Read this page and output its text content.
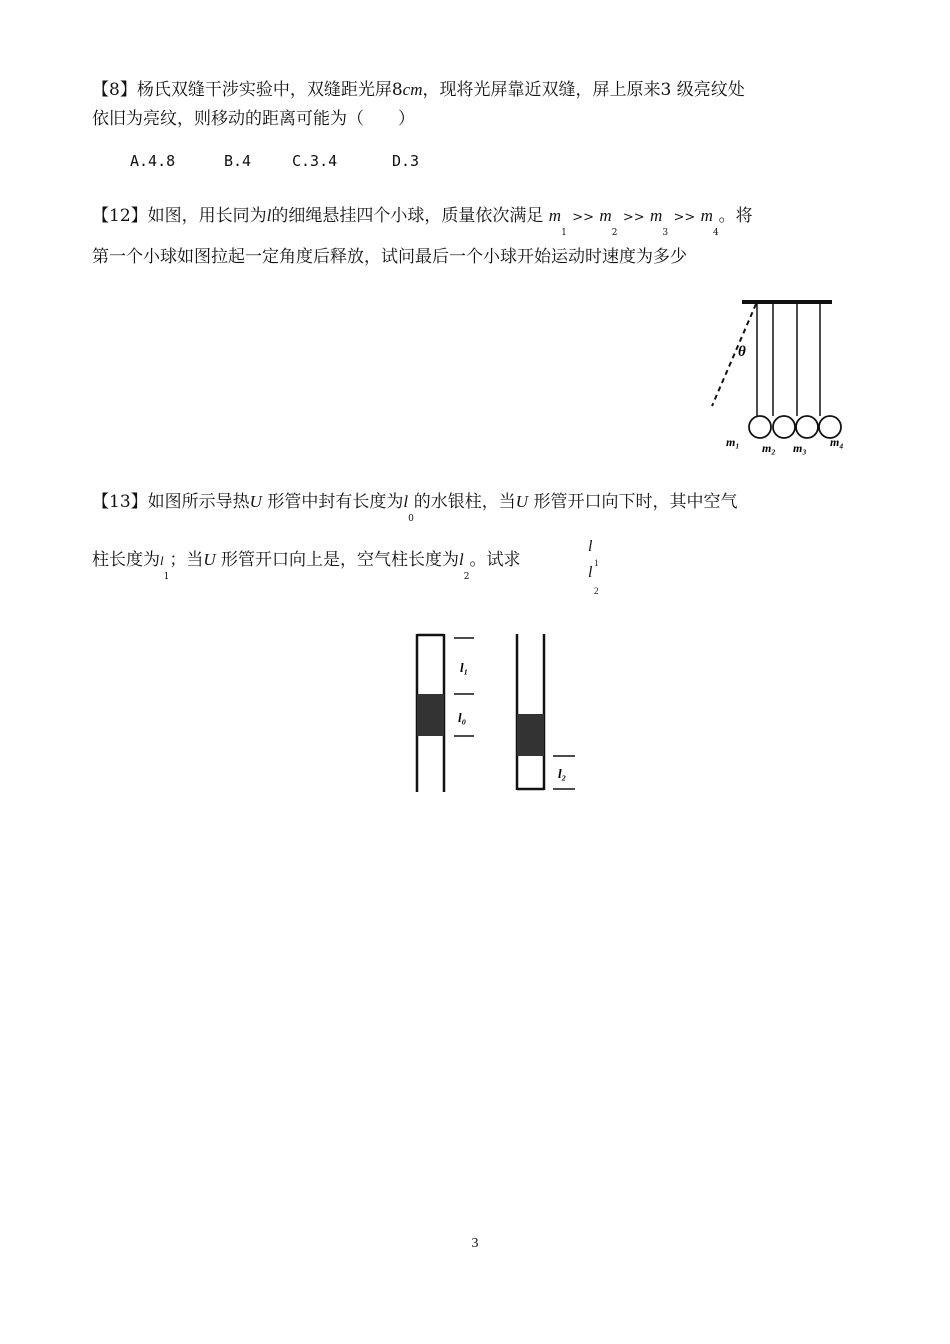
【8】杨氏双缝干涉实验中，双缝距光屏8cm，现将光屏靠近双缝，屏上原来3 级亮纹处
依旧为亮纹，则移动的距离可能为（　　）
A.4.8	B.4	C.3.4	D.3
【12】如图，用长同为l的细绳悬挂四个小球，质量依次满足 $m_1 >> m_2 >> m_3 >> m_4$。将
第一个小球如图拉起一定角度后释放，试问最后一个小球开始运动时速度为多少
θ
m₁ m₂ m₃ m₄
【13】如图所示导热U 形管中封有长度为$l_0$的水银柱，当U 形管开口向下时，其中空气
柱长度为$l_1$；当U 形管开口向上是，空气柱长度为$l_2$。试求
l
1
l
2
l₁
l₀
l₂
3
